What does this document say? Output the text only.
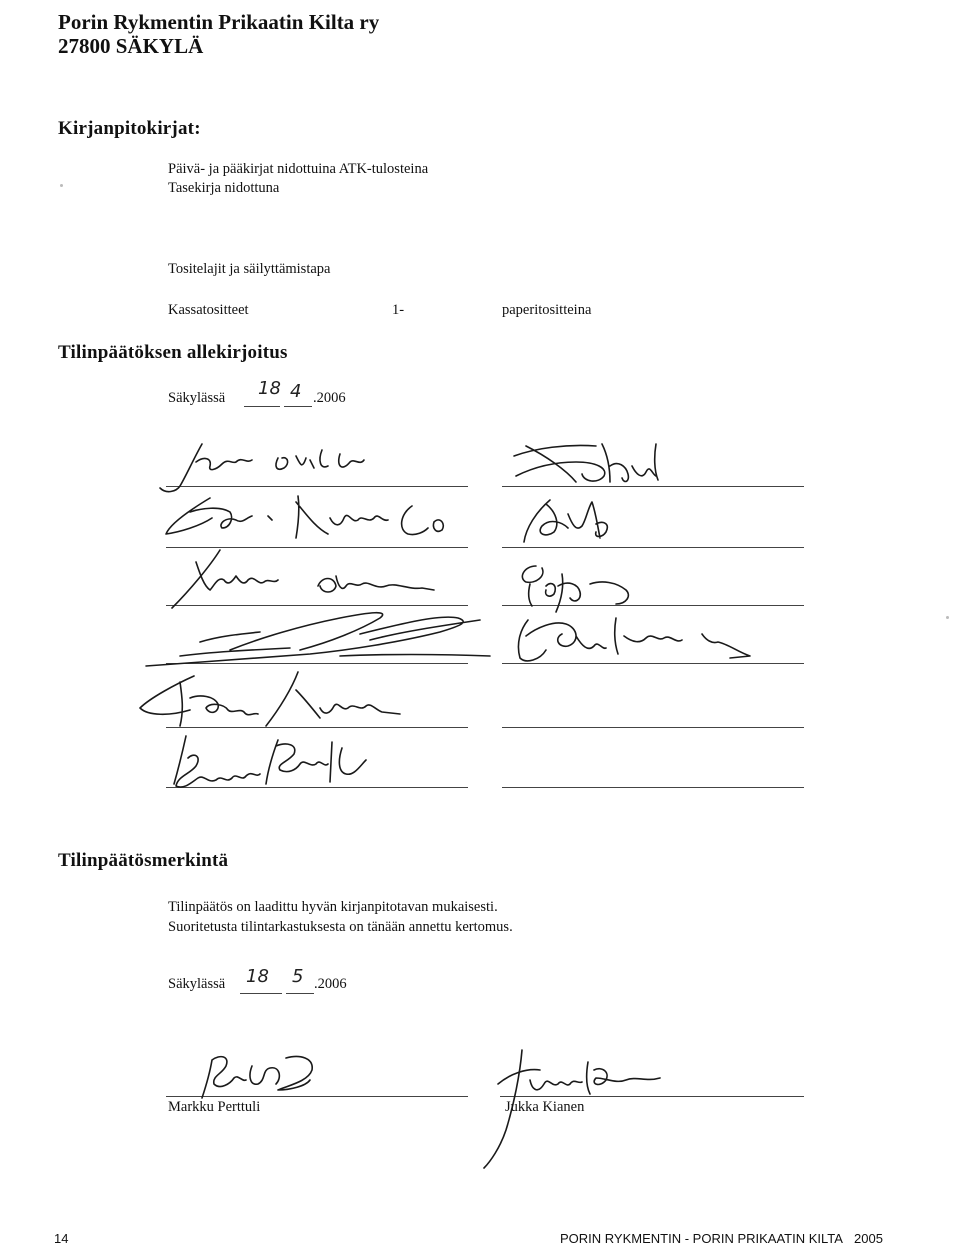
Porin Rykmentin Prikaatin Kilta ry
27800 SÄKYLÄ
Kirjanpitokirjat:
Päivä- ja pääkirjat nidottuina ATK-tulosteina
Tasekirja nidottuna
Tositelajit ja säilyttämistapa
Kassatositteet	1-	paperitositteina
Tilinpäätöksen allekirjoitus
Säkylässä 18 4 .2006
Tilinpäätösmerkintä
Tilinpäätös on laadittu hyvän kirjanpitotavan mukaisesti.
Suoritetusta tilintarkastuksesta on tänään annettu kertomus.
Säkylässä 18 5 .2006
Markku Perttuli	Jukka Kianen
14	PORIN RYKMENTIN - PORIN PRIKAATIN KILTA 2005
